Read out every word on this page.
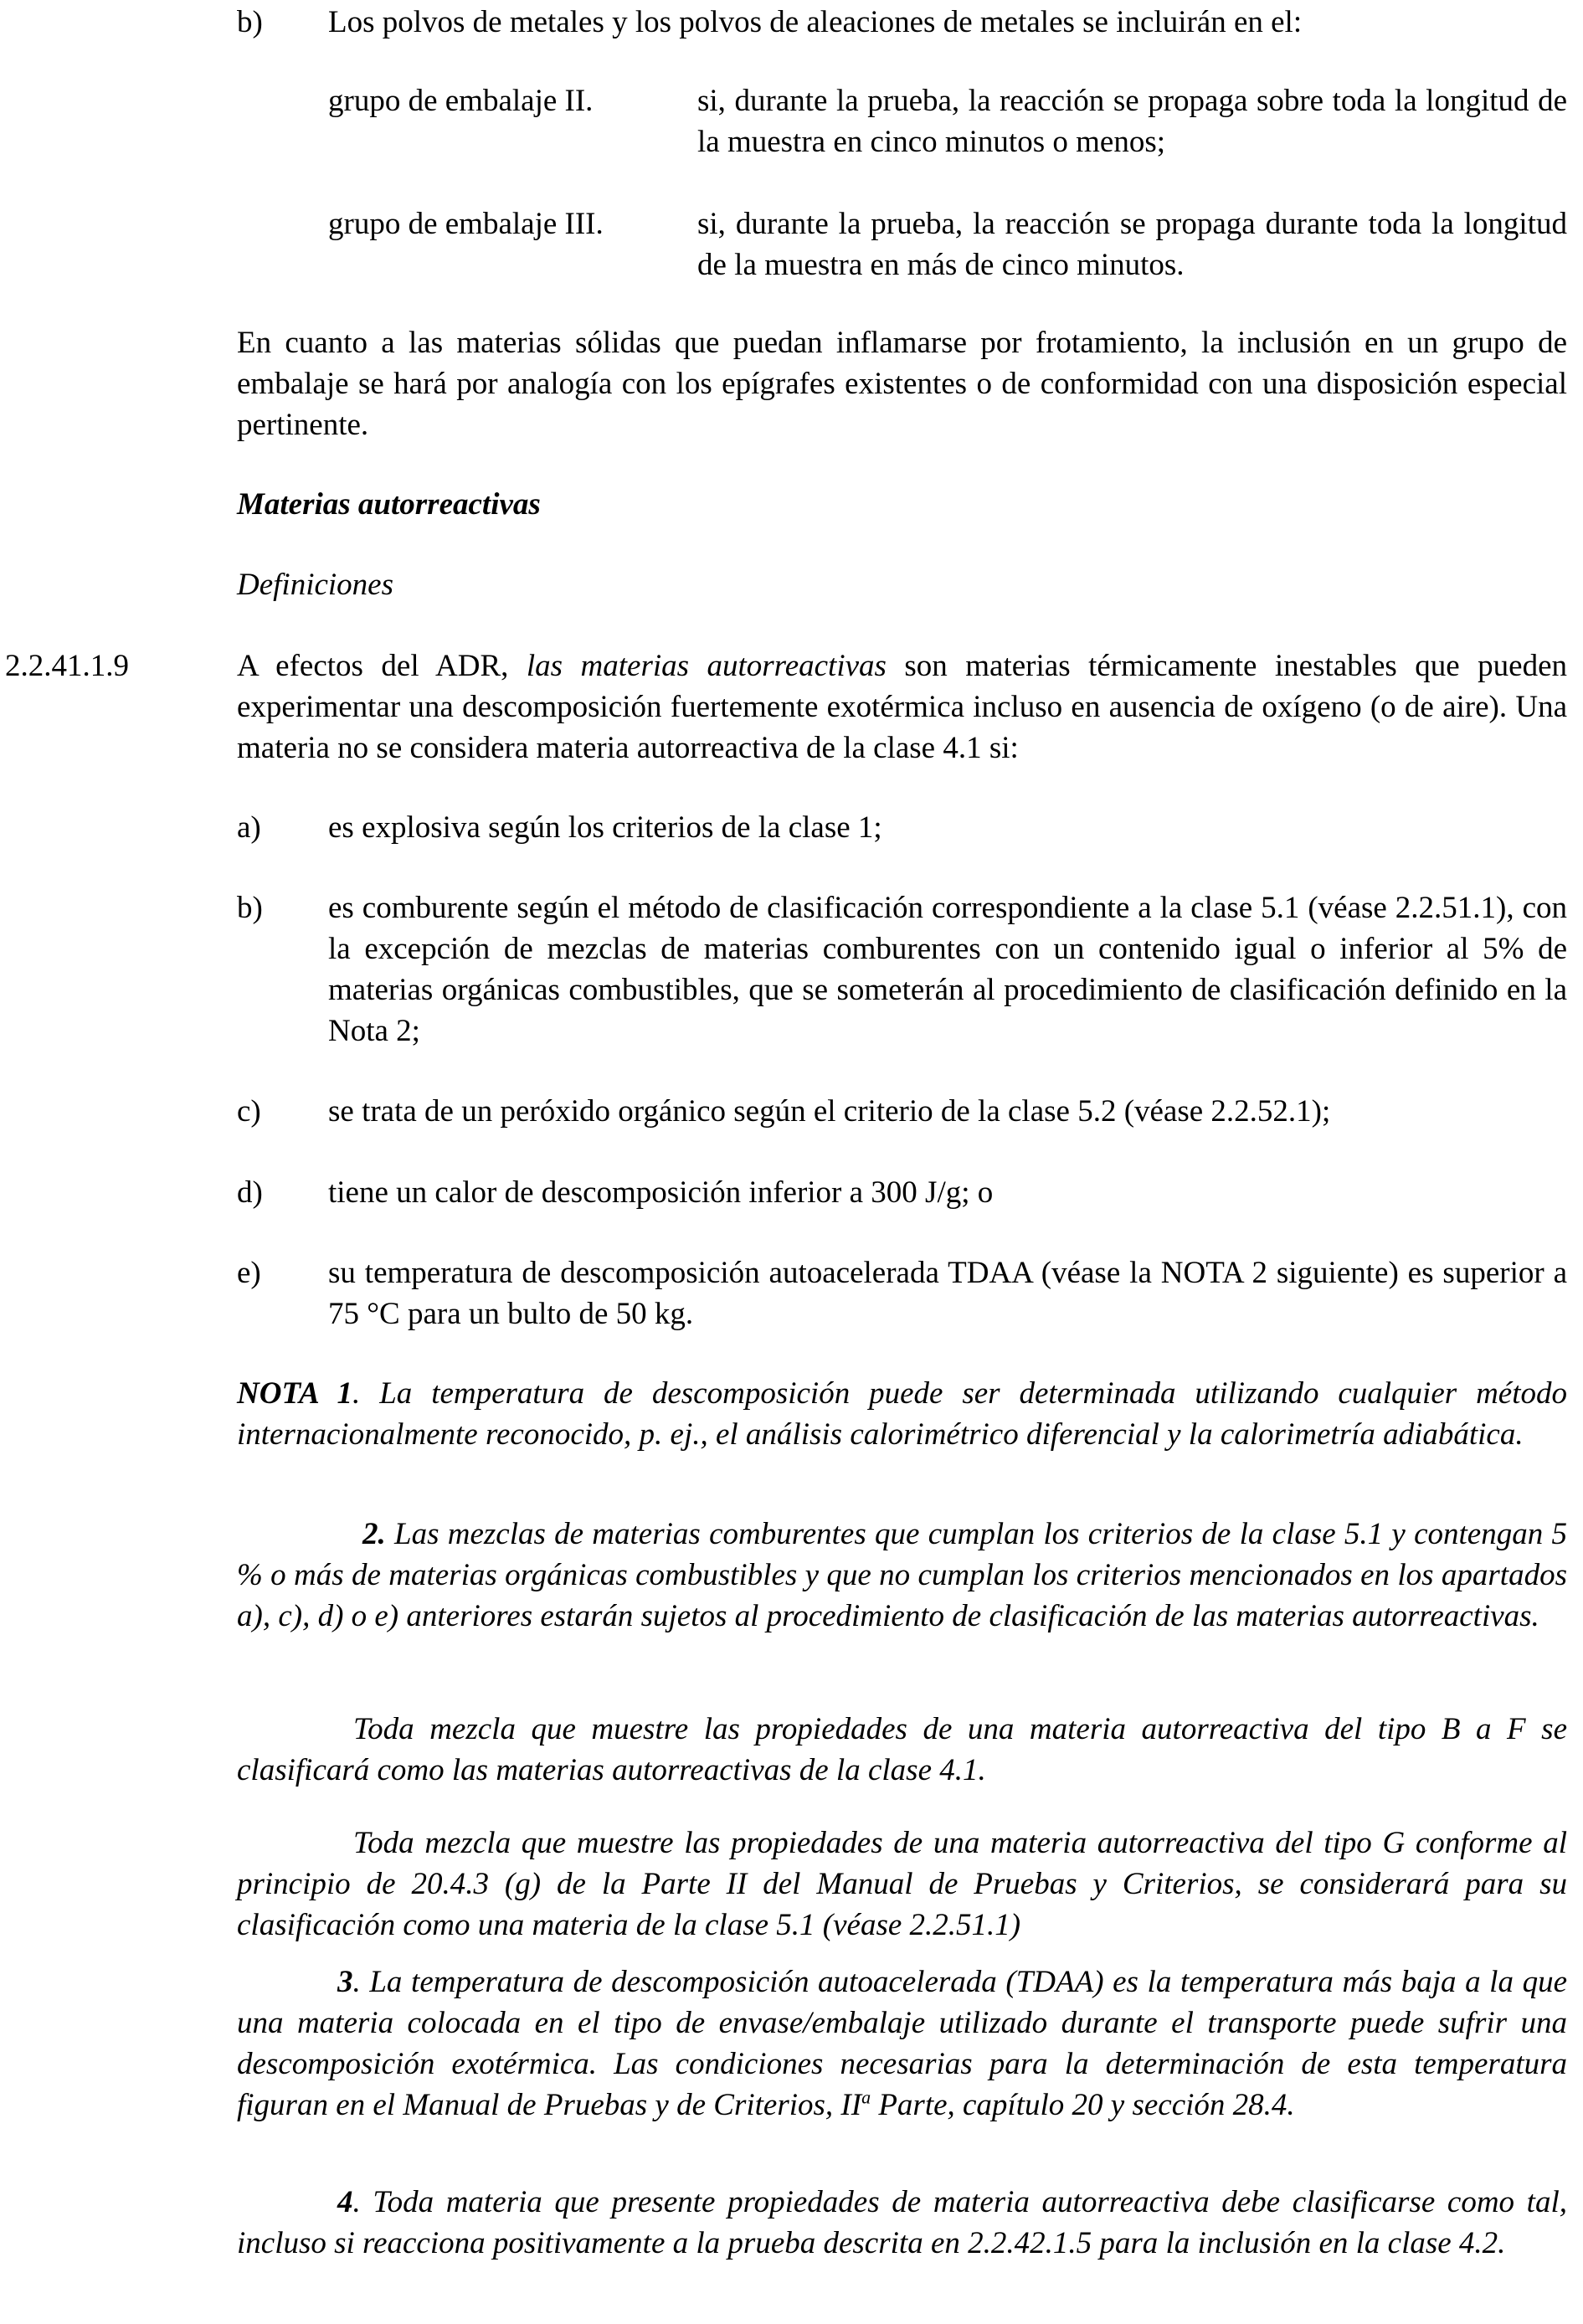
b) Los polvos de metales y los polvos de aleaciones de metales se incluirán en el:

grupo de embalaje II.	si, durante la prueba, la reacción se propaga sobre toda la longitud de la muestra en cinco minutos o menos;

grupo de embalaje III.	si, durante la prueba, la reacción se propaga durante toda la longitud de la muestra en más de cinco minutos.

En cuanto a las materias sólidas que puedan inflamarse por frotamiento, la inclusión en un grupo de embalaje se hará por analogía con los epígrafes existentes o de conformidad con una disposición especial pertinente.

Materias autorreactivas
Definiciones
2.2.41.1.9	A efectos del ADR, las materias autorreactivas son materias térmicamente inestables que pueden experimentar una descomposición fuertemente exotérmica incluso en ausencia de oxígeno (o de aire). Una materia no se considera materia autorreactiva de la clase 4.1 si:

a) es explosiva según los criterios de la clase 1;

b) es comburente según el método de clasificación correspondiente a la clase 5.1 (véase 2.2.51.1), con la excepción de mezclas de materias comburentes con un contenido igual o inferior al 5% de materias orgánicas combustibles, que se someterán al procedimiento de clasificación definido en la Nota 2;

c) se trata de un peróxido orgánico según el criterio de la clase 5.2 (véase 2.2.52.1);

d) tiene un calor de descomposición inferior a 300 J/g; o

e) su temperatura de descomposición autoacelerada TDAA (véase la NOTA 2 siguiente) es superior a 75 °C para un bulto de 50 kg.

NOTA 1. La temperatura de descomposición puede ser determinada utilizando cualquier método internacionalmente reconocido, p. ej., el análisis calorimétrico diferencial y la calorimetría adiabática.

2. Las mezclas de materias comburentes que cumplan los criterios de la clase 5.1 y contengan 5 % o más de materias orgánicas combustibles y que no cumplan los criterios mencionados en los apartados a), c), d) o e) anteriores estarán sujetos al procedimiento de clasificación de las materias autorreactivas.

Toda mezcla que muestre las propiedades de una materia autorreactiva del tipo B a F se clasificará como las materias autorreactivas de la clase 4.1.

Toda mezcla que muestre las propiedades de una materia autorreactiva del tipo G conforme al principio de 20.4.3 (g) de la Parte II del Manual de Pruebas y Criterios, se considerará para su clasificación como una materia de la clase 5.1 (véase 2.2.51.1)

3. La temperatura de descomposición autoacelerada (TDAA) es la temperatura más baja a la que una materia colocada en el tipo de envase/embalaje utilizado durante el transporte puede sufrir una descomposición exotérmica. Las condiciones necesarias para la determinación de esta temperatura figuran en el Manual de Pruebas y de Criterios, $II^a$ Parte, capítulo 20 y sección 28.4.

4. Toda materia que presente propiedades de materia autorreactiva debe clasificarse como tal, incluso si reacciona positivamente a la prueba descrita en 2.2.42.1.5 para la inclusión en la clase 4.2.
